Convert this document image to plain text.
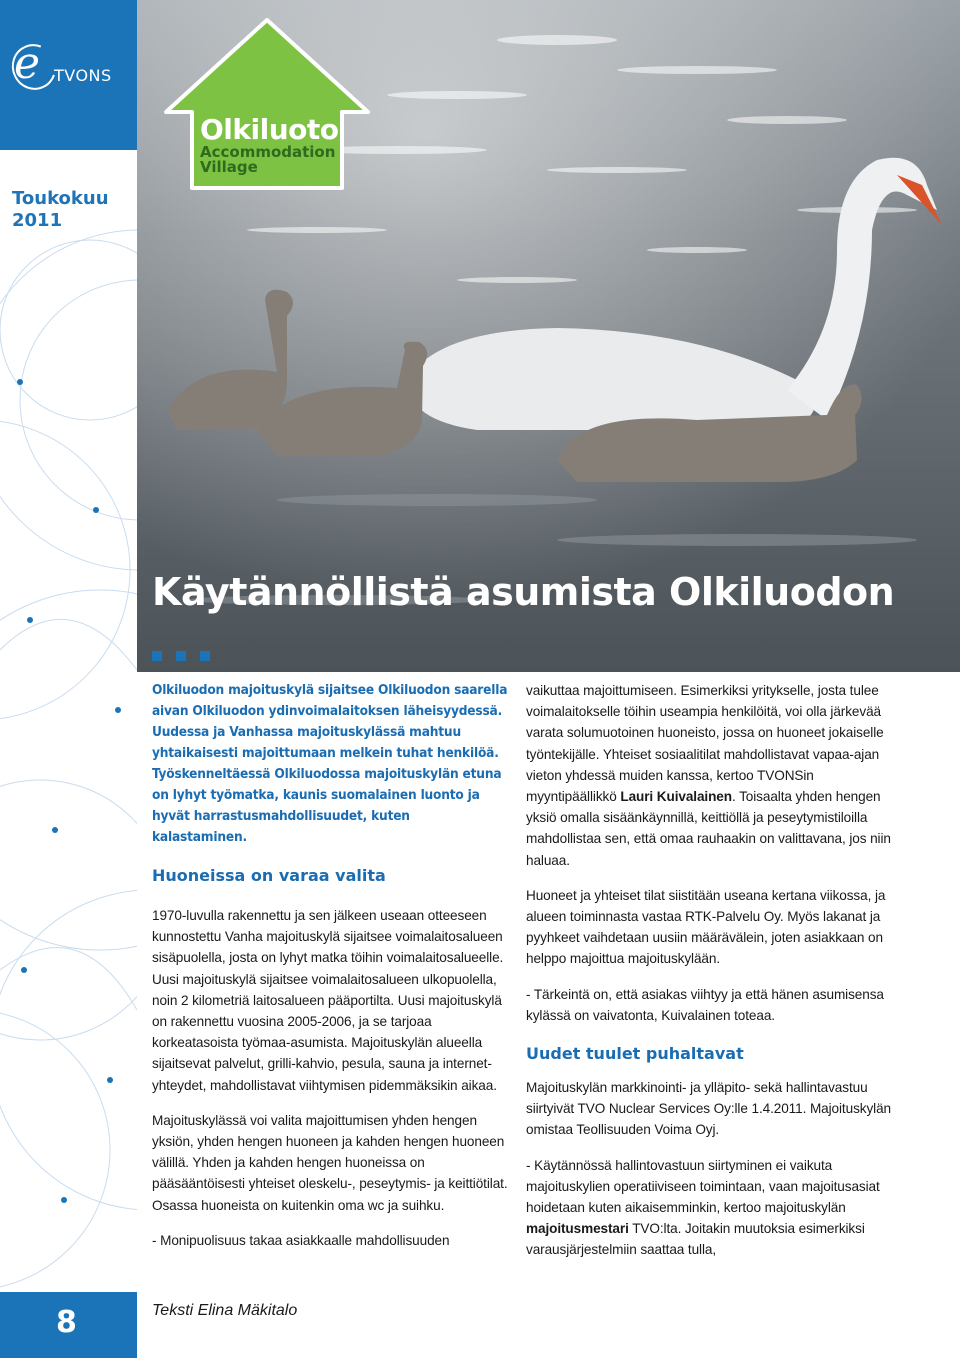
e TVONS
Toukokuu
2011
8
Olkiluoto
Accommodation
Village
Käytännöllistä asumista Olkiluodon

Olkiluodon majoituskylä sijaitsee Olkiluodon saarella aivan Olkiluodon ydinvoimalaitoksen läheisyydessä. Uudessa ja Vanhassa majoituskylässä mahtuu yhtaikaisesti majoittumaan melkein tuhat henkilöä. Työskenneltäessä Olkiluodossa majoituskylän etuna on lyhyt työmatka, kaunis suomalainen luonto ja hyvät harrastusmahdollisuudet, kuten kalastaminen.

Huoneissa on varaa valita

1970-luvulla rakennettu ja sen jälkeen useaan otteeseen kunnostettu Vanha majoituskylä sijaitsee voimalaitosalueen sisäpuolella, josta on lyhyt matka töihin voimalaitosalueelle. Uusi majoituskylä sijaitsee voimalaitosalueen ulkopuolella, noin 2 kilometriä laitosalueen pääportilta. Uusi majoituskylä on rakennettu vuosina 2005-2006, ja se tarjoaa korkeatasoista työmaa-asumista. Majoituskylän alueella sijaitsevat palvelut, grilli-kahvio, pesula, sauna ja internet-yhteydet, mahdollistavat viihtymisen pidemmäksikin aikaa.

Majoituskylässä voi valita majoittumisen yhden hengen yksiön, yhden hengen huoneen ja kahden hengen huoneen välillä. Yhden ja kahden hengen huoneissa on pääsääntöisesti yhteiset oleskelu-, peseytymis- ja keittiötilat. Osassa huoneista on kuitenkin oma wc ja suihku.

- Monipuolisuus takaa asiakkaalle mahdollisuuden

vaikuttaa majoittumiseen. Esimerkiksi yritykselle, josta tulee voimalaitokselle töihin useampia henkilöitä, voi olla järkevää varata solumuotoinen huoneisto, jossa on huoneet jokaiselle työntekijälle. Yhteiset sosiaalitilat mahdollistavat vapaa-ajan vieton yhdessä muiden kanssa, kertoo TVONSin myyntipäällikkö Lauri Kuivalainen. Toisaalta yhden hengen yksiö omalla sisäänkäynnillä, keittiöllä ja peseytymistiloilla mahdollistaa sen, että omaa rauhaakin on valittavana, jos niin haluaa.

Huoneet ja yhteiset tilat siistitään useana kertana viikossa, ja alueen toiminnasta vastaa RTK-Palvelu Oy. Myös lakanat ja pyyhkeet vaihdetaan uusiin määrävälein, joten asiakkaan on helppo majoittua majoituskylään.

- Tärkeintä on, että asiakas viihtyy ja että hänen asumisensa kylässä on vaivatonta, Kuivalainen toteaa.

Uudet tuulet puhaltavat

Majoituskylän markkinointi- ja ylläpito- sekä hallintavastuu siirtyivät TVO Nuclear Services Oy:lle 1.4.2011. Majoituskylän omistaa Teollisuuden Voima Oyj.

- Käytännössä hallintovastuun siirtyminen ei vaikuta majoituskylien operatiiviseen toimintaan, vaan majoitusasiat hoidetaan kuten aikaisemminkin, kertoo majoituskylän majoitusmestari TVO:lta. Joitakin muutoksia esimerkiksi varausjärjestelmiin saattaa tulla,

Teksti Elina Mäkitalo
